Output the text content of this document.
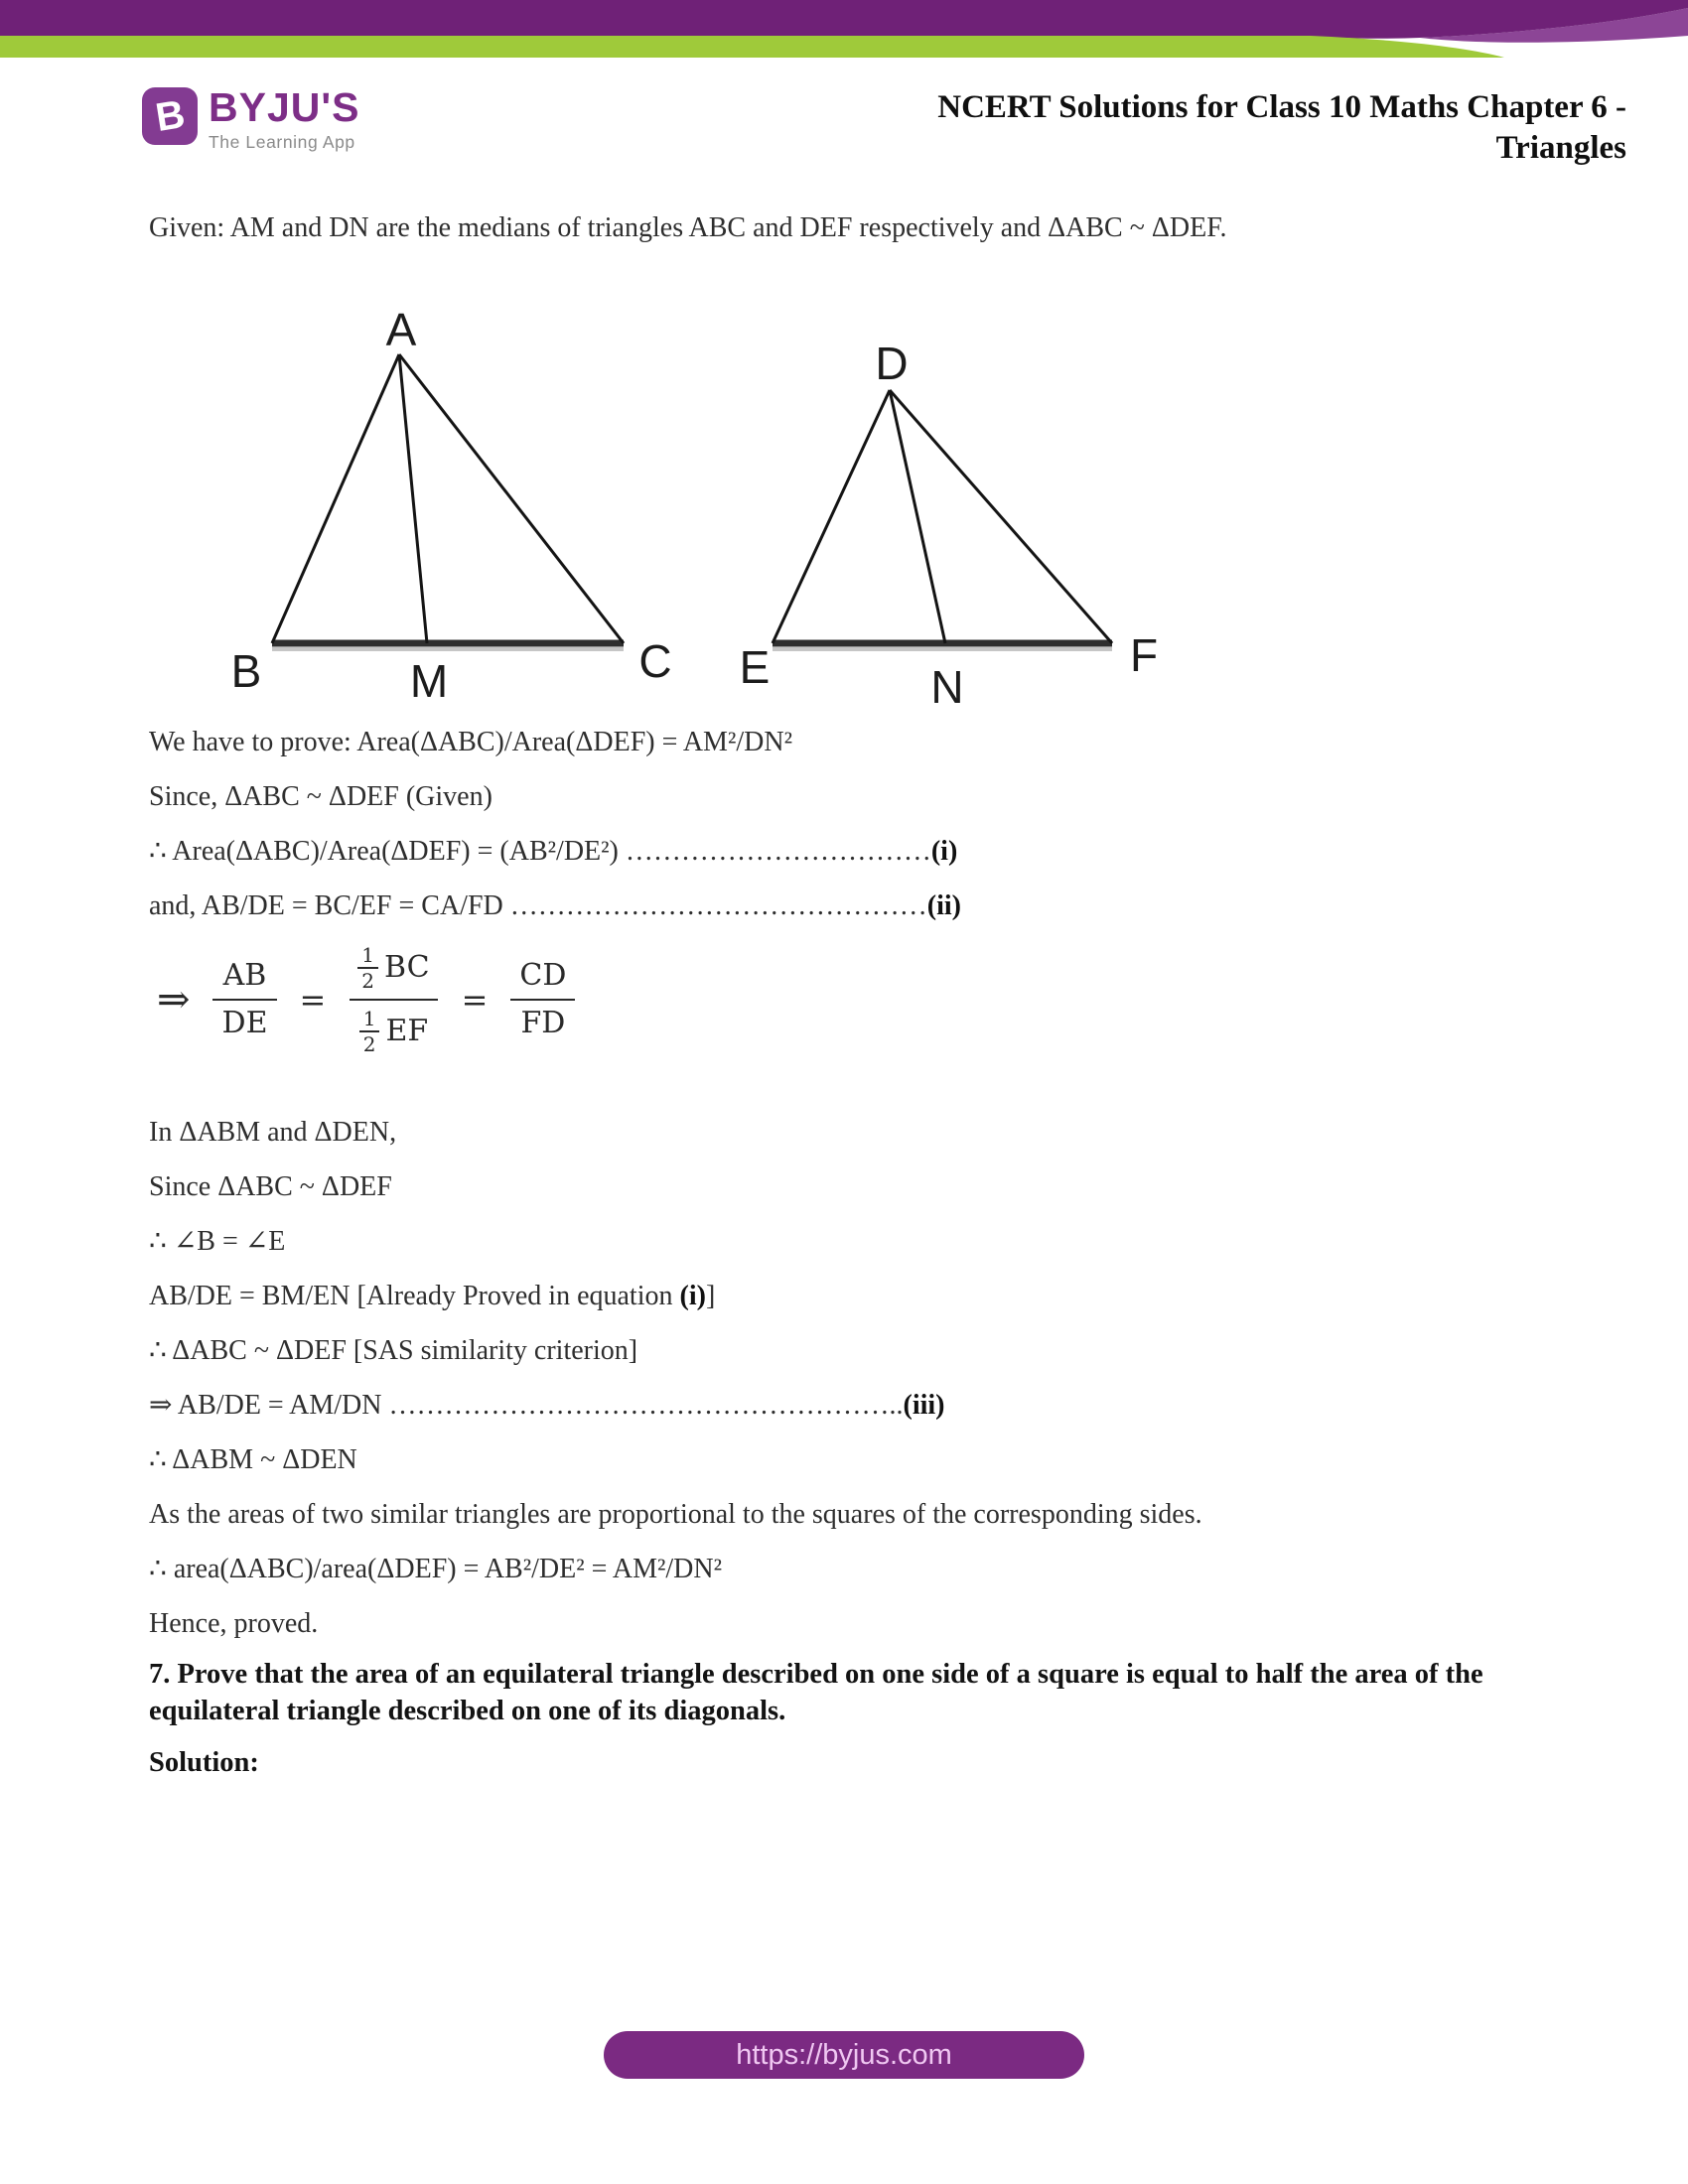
B BYJU'S
The Learning App
NCERT Solutions for Class 10 Maths Chapter 6 -
Triangles
Given: AM and DN are the medians of triangles ABC and DEF respectively and ΔABC ~ ΔDEF.
A
B	M	C
D
E	N
F
We have to prove: Area(ΔABC)/Area(ΔDEF) = AM²/DN²
Since, ΔABC ~ ΔDEF (Given)
∴ Area(ΔABC)/Area(ΔDEF) = (AB²/DE²) ……………………………(i)
and, AB/DE = BC/EF = CA/FD ………………………………………(ii)
⇒ $\frac{AB}{DE} = \frac{\frac{1}{2} BC}{\frac{1}{2} EF} = \frac{CD}{FD}$
In ΔABM and ΔDEN,
Since ΔABC ~ ΔDEF
∴ ∠B = ∠E
AB/DE = BM/EN [Already Proved in equation (i)]
∴ ΔABC ~ ΔDEF [SAS similarity criterion]
⇒ AB/DE = AM/DN ………………………………………………..(iii)
∴ ΔABM ~ ΔDEN
As the areas of two similar triangles are proportional to the squares of the corresponding sides.
∴ area(ΔABC)/area(ΔDEF) = AB²/DE² = AM²/DN²
Hence, proved.
7. Prove that the area of an equilateral triangle described on one side of a square is equal to half the area of the equilateral triangle described on one of its diagonals.
Solution:
https://byjus.com
